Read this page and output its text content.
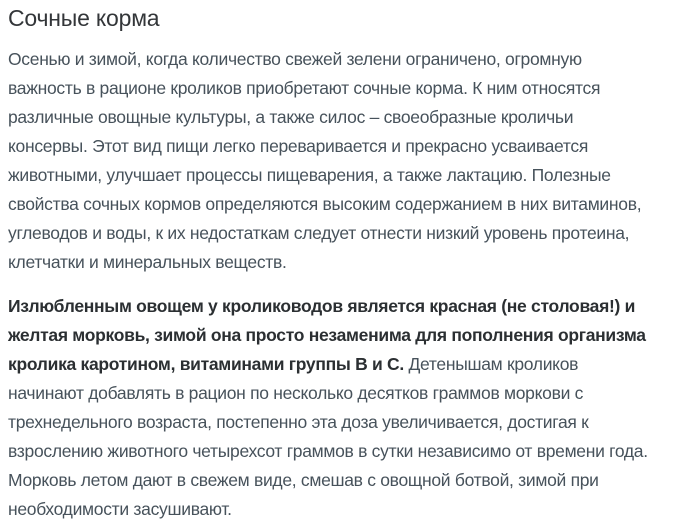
Сочные корма

Осенью и зимой, когда количество свежей зелени ограничено, огромную важность в рационе кроликов приобретают сочные корма. К ним относятся различные овощные культуры, а также силос – своеобразные кроличьи консервы. Этот вид пищи легко переваривается и прекрасно усваивается животными, улучшает процессы пищеварения, а также лактацию. Полезные свойства сочных кормов определяются высоким содержанием в них витаминов, углеводов и воды, к их недостаткам следует отнести низкий уровень протеина, клетчатки и минеральных веществ.

Излюбленным овощем у кролиководов является красная (не столовая!) и желтая морковь, зимой она просто незаменима для пополнения организма кролика каротином, витаминами группы В и С. Детенышам кроликов начинают добавлять в рацион по несколько десятков граммов моркови с трехнедельного возраста, постепенно эта доза увеличивается, достигая к взрослению животного четырехсот граммов в сутки независимо от времени года. Морковь летом дают в свежем виде, смешав с овощной ботвой, зимой при необходимости засушивают.
